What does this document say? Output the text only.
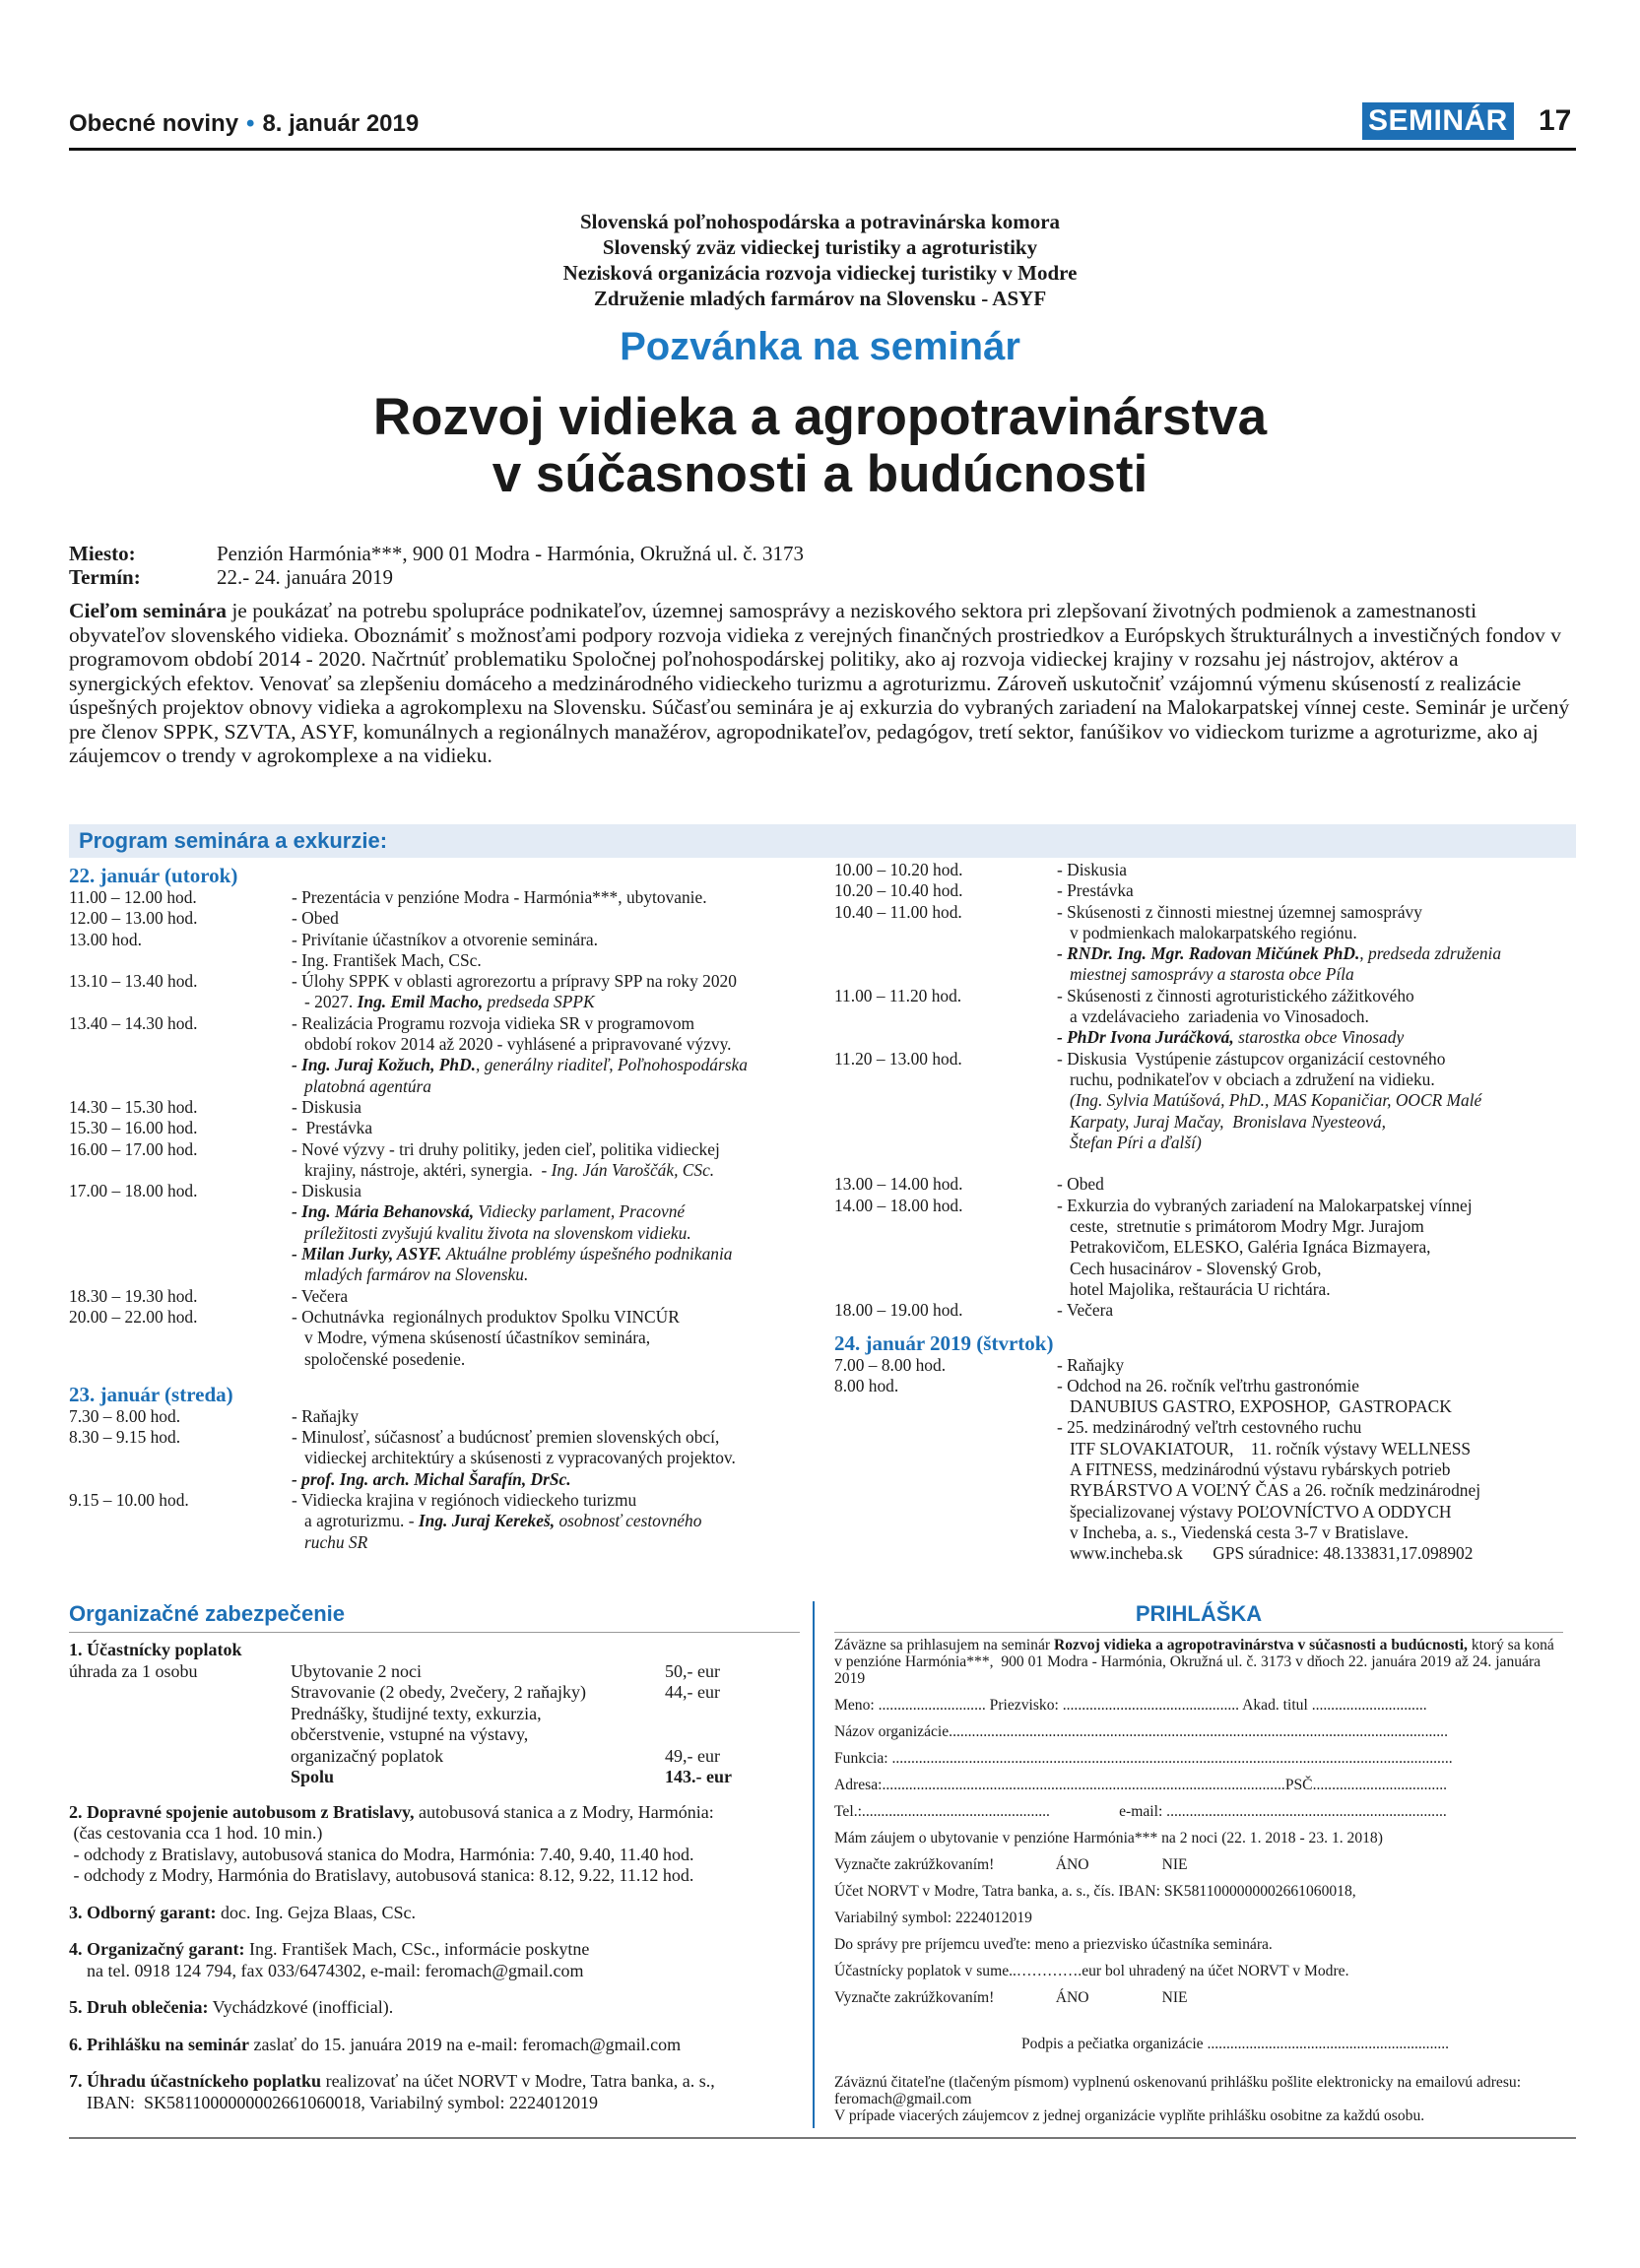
Obecné noviny • 8. január 2019	SEMINÁR 17
Slovenská poľnohospodárska a potravinárska komora
Slovenský zväz vidieckej turistiky a agroturistiky
Nezisková organizácia rozvoja vidieckej turistiky v Modre
Združenie mladých farmárov na Slovensku - ASYF
Pozvánka na seminár
Rozvoj vidieka a agropotravinárstva
v súčasnosti a budúcnosti
Miesto:	Penzión Harmónia***, 900 01 Modra - Harmónia, Okružná ul. č. 3173
Termín:	22.- 24. januára 2019
Cieľom seminára je poukázať na potrebu spolupráce podnikateľov, územnej samosprávy a neziskového sektora pri zlepšovaní životných podmienok a zamestnanosti obyvateľov slovenského vidieka. Oboznámiť s možnosťami podpory rozvoja vidieka z verejných finančných prostriedkov a Európskych štrukturálnych a investičných fondov v programovom období 2014 - 2020. Načrtnúť problematiku Spoločnej poľnohospodárskej politiky, ako aj rozvoja vidieckej krajiny v rozsahu jej nástrojov, aktérov a synergických efektov. Venovať sa zlepšeniu domáceho a medzinárodného vidieckeho turizmu a agroturizmu. Zároveň uskutočniť vzájomnú výmenu skúseností z realizácie úspešných projektov obnovy vidieka a agrokomplexu na Slovensku. Súčasťou seminára je aj exkurzia do vybraných zariadení na Malokarpatskej vínnej ceste. Seminár je určený pre členov SPPK, SZVTA, ASYF, komunálnych a regionálnych manažérov, agropodnikateľov, pedagógov, tretí sektor, fanúšikov vo vidieckom turizme a agroturizme, ako aj záujemcov o trendy v agrokomplexe a na vidieku.
Program seminára a exkurzie:
22. január (utorok)
11.00 – 12.00 hod.	- Prezentácia v penzióne Modra - Harmónia***, ubytovanie.
12.00 – 13.00 hod.	- Obed
13.00 hod.	- Privítanie účastníkov a otvorenie seminára.
- Ing. František Mach, CSc.
13.10 – 13.40 hod.	- Úlohy SPPK v oblasti agrorezortu a prípravy SPP na roky 2020
- 2027. Ing. Emil Macho, predseda SPPK
13.40 – 14.30 hod.	- Realizácia Programu rozvoja vidieka SR v programovom
období rokov 2014 až 2020 - vyhlásené a pripravované výzvy.
- Ing. Juraj Kožuch, PhD., generálny riaditeľ, Poľnohospodárska
platobná agentúra
14.30 – 15.30 hod.	- Diskusia
15.30 – 16.00 hod.	-  Prestávka
16.00 – 17.00 hod.	- Nové výzvy - tri druhy politiky, jeden cieľ, politika vidieckej
krajiny, nástroje, aktéri, synergia.  - Ing. Ján Varoščák, CSc.
17.00 – 18.00 hod.	- Diskusia
- Ing. Mária Behanovská, Vidiecky parlament, Pracovné
príležitosti zvyšujú kvalitu života na slovenskom vidieku.
- Milan Jurky, ASYF. Aktuálne problémy úspešného podnikania
mladých farmárov na Slovensku.
18.30 – 19.30 hod.	- Večera
20.00 – 22.00 hod.	- Ochutnávka  regionálnych produktov Spolku VINCÚR
v Modre, výmena skúseností účastníkov seminára,
spoločenské posedenie.
23. január (streda)
7.30 – 8.00 hod.	- Raňajky
8.30 – 9.15 hod.	- Minulosť, súčasnosť a budúcnosť premien slovenských obcí,
vidieckej architektúry a skúsenosti z vypracovaných projektov.
- prof. Ing. arch. Michal Šarafín, DrSc.
9.15 – 10.00 hod.	- Vidiecka krajina v regiónoch vidieckeho turizmu
a agroturizmu. - Ing. Juraj Kerekeš, osobnosť cestovného
ruchu SR
10.00 – 10.20 hod.	- Diskusia
10.20 – 10.40 hod.	- Prestávka
10.40 – 11.00 hod.	- Skúsenosti z činnosti miestnej územnej samosprávy
v podmienkach malokarpatského regiónu.
- RNDr. Ing. Mgr. Radovan Mičúnek PhD., predseda združenia
miestnej samosprávy a starosta obce Píla
11.00 – 11.20 hod.	- Skúsenosti z činnosti agroturistického zážitkového
a vzdelávacieho  zariadenia vo Vinosadoch.
- PhDr Ivona Juráčková, starostka obce Vinosady
11.20 – 13.00 hod.	- Diskusia  Vystúpenie zástupcov organizácií cestovného
ruchu, podnikateľov v obciach a združení na vidieku.
(Ing. Sylvia Matúšová, PhD., MAS Kopaničiar, OOCR Malé
Karpaty, Juraj Mačay,  Bronislava Nyesteová,
Štefan Píri a ďalší)

13.00 – 14.00 hod.	- Obed
14.00 – 18.00 hod.	- Exkurzia do vybraných zariadení na Malokarpatskej vínnej
ceste,  stretnutie s primátorom Modry Mgr. Jurajom
Petrakovičom, ELESKO, Galéria Ignáca Bizmayera,
Cech husacinárov - Slovenský Grob,
hotel Majolika, reštaurácia U richtára.
18.00 – 19.00 hod.	- Večera
24. január 2019 (štvrtok)
7.00 – 8.00 hod.	- Raňajky
8.00 hod.	- Odchod na 26. ročník veľtrhu gastronómie
DANUBIUS GASTRO, EXPOSHOP,  GASTROPACK
- 25. medzinárodný veľtrh cestovného ruchu
ITF SLOVAKIATOUR,    11. ročník výstavy WELLNESS
A FITNESS, medzinárodnú výstavu rybárskych potrieb
RYBÁRSTVO A VOĽNÝ ČAS a 26. ročník medzinárodnej
špecializovanej výstavy POĽOVNÍCTVO A ODDYCH
v Incheba, a. s., Viedenská cesta 3-7 v Bratislave.
www.incheba.sk       GPS súradnice: 48.133831,17.098902
Organizačné zabezpečenie
1. Účastnícky poplatok
úhrada za 1 osobu	Ubytovanie 2 noci	50,- eur
	Stravovanie (2 obedy, 2večery, 2 raňajky)	44,- eur
	Prednášky, študijné texty, exkurzia,
občerstvenie, vstupné na výstavy,
organizačný poplatok	49,- eur
	Spolu	143.- eur
2. Dopravné spojenie autobusom z Bratislavy, autobusová stanica a z Modry, Harmónia:
(čas cestovania cca 1 hod. 10 min.)
- odchody z Bratislavy, autobusová stanica do Modra, Harmónia: 7.40, 9.40, 11.40 hod.
- odchody z Modry, Harmónia do Bratislavy, autobusová stanica: 8.12, 9.22, 11.12 hod.
3. Odborný garant: doc. Ing. Gejza Blaas, CSc.
4. Organizačný garant: Ing. František Mach, CSc., informácie poskytne
na tel. 0918 124 794, fax 033/6474302, e-mail: feromach@gmail.com
5. Druh oblečenia: Vychádzkové (inofficial).
6. Prihlášku na seminár zaslať do 15. januára 2019 na e-mail: feromach@gmail.com
7. Úhradu účastníckeho poplatku realizovať na účet NORVT v Modre, Tatra banka, a. s.,
IBAN:  SK5811000000002661060018, Variabilný symbol: 2224012019
PRIHLÁŠKA
Záväzne sa prihlasujem na seminár Rozvoj vidieka a agropotravinárstva v súčasnosti a budúcnosti, ktorý sa koná v penzióne Harmónia***,  900 01 Modra - Harmónia, Okružná ul. č. 3173 v dňoch 22. januára 2019 až 24. januára 2019
Meno: ............................ Priezvisko: .............................................. Akad. titul ..............................
Názov organizácie..................................................................................................................................
Funkcia: ..................................................................................................................................................
Adresa:.........................................................................................................PSČ...................................
Tel.:.................................................                  e-mail: .........................................................................
Mám záujem o ubytovanie v penzióne Harmónia*** na 2 noci (22. 1. 2018 - 23. 1. 2018)
Vyznačte zakrúžkovaním!                ÁNO                   NIE
Účet NORVT v Modre, Tatra banka, a. s., čís. IBAN: SK5811000000002661060018,
Variabilný symbol: 2224012019
Do správy pre príjemcu uveďte: meno a priezvisko účastníka seminára.
Účastnícky poplatok v sume..………….eur bol uhradený na účet NORVT v Modre.
Vyznačte zakrúžkovaním!                ÁNO                   NIE
Podpis a pečiatka organizácie ...............................................................
Záväznú čitateľne (tlačeným písmom) vyplnenú oskenovanú prihlášku pošlite elektronicky na emailovú adresu:  feromach@gmail.com
V prípade viacerých záujemcov z jednej organizácie vyplňte prihlášku osobitne za každú osobu.
